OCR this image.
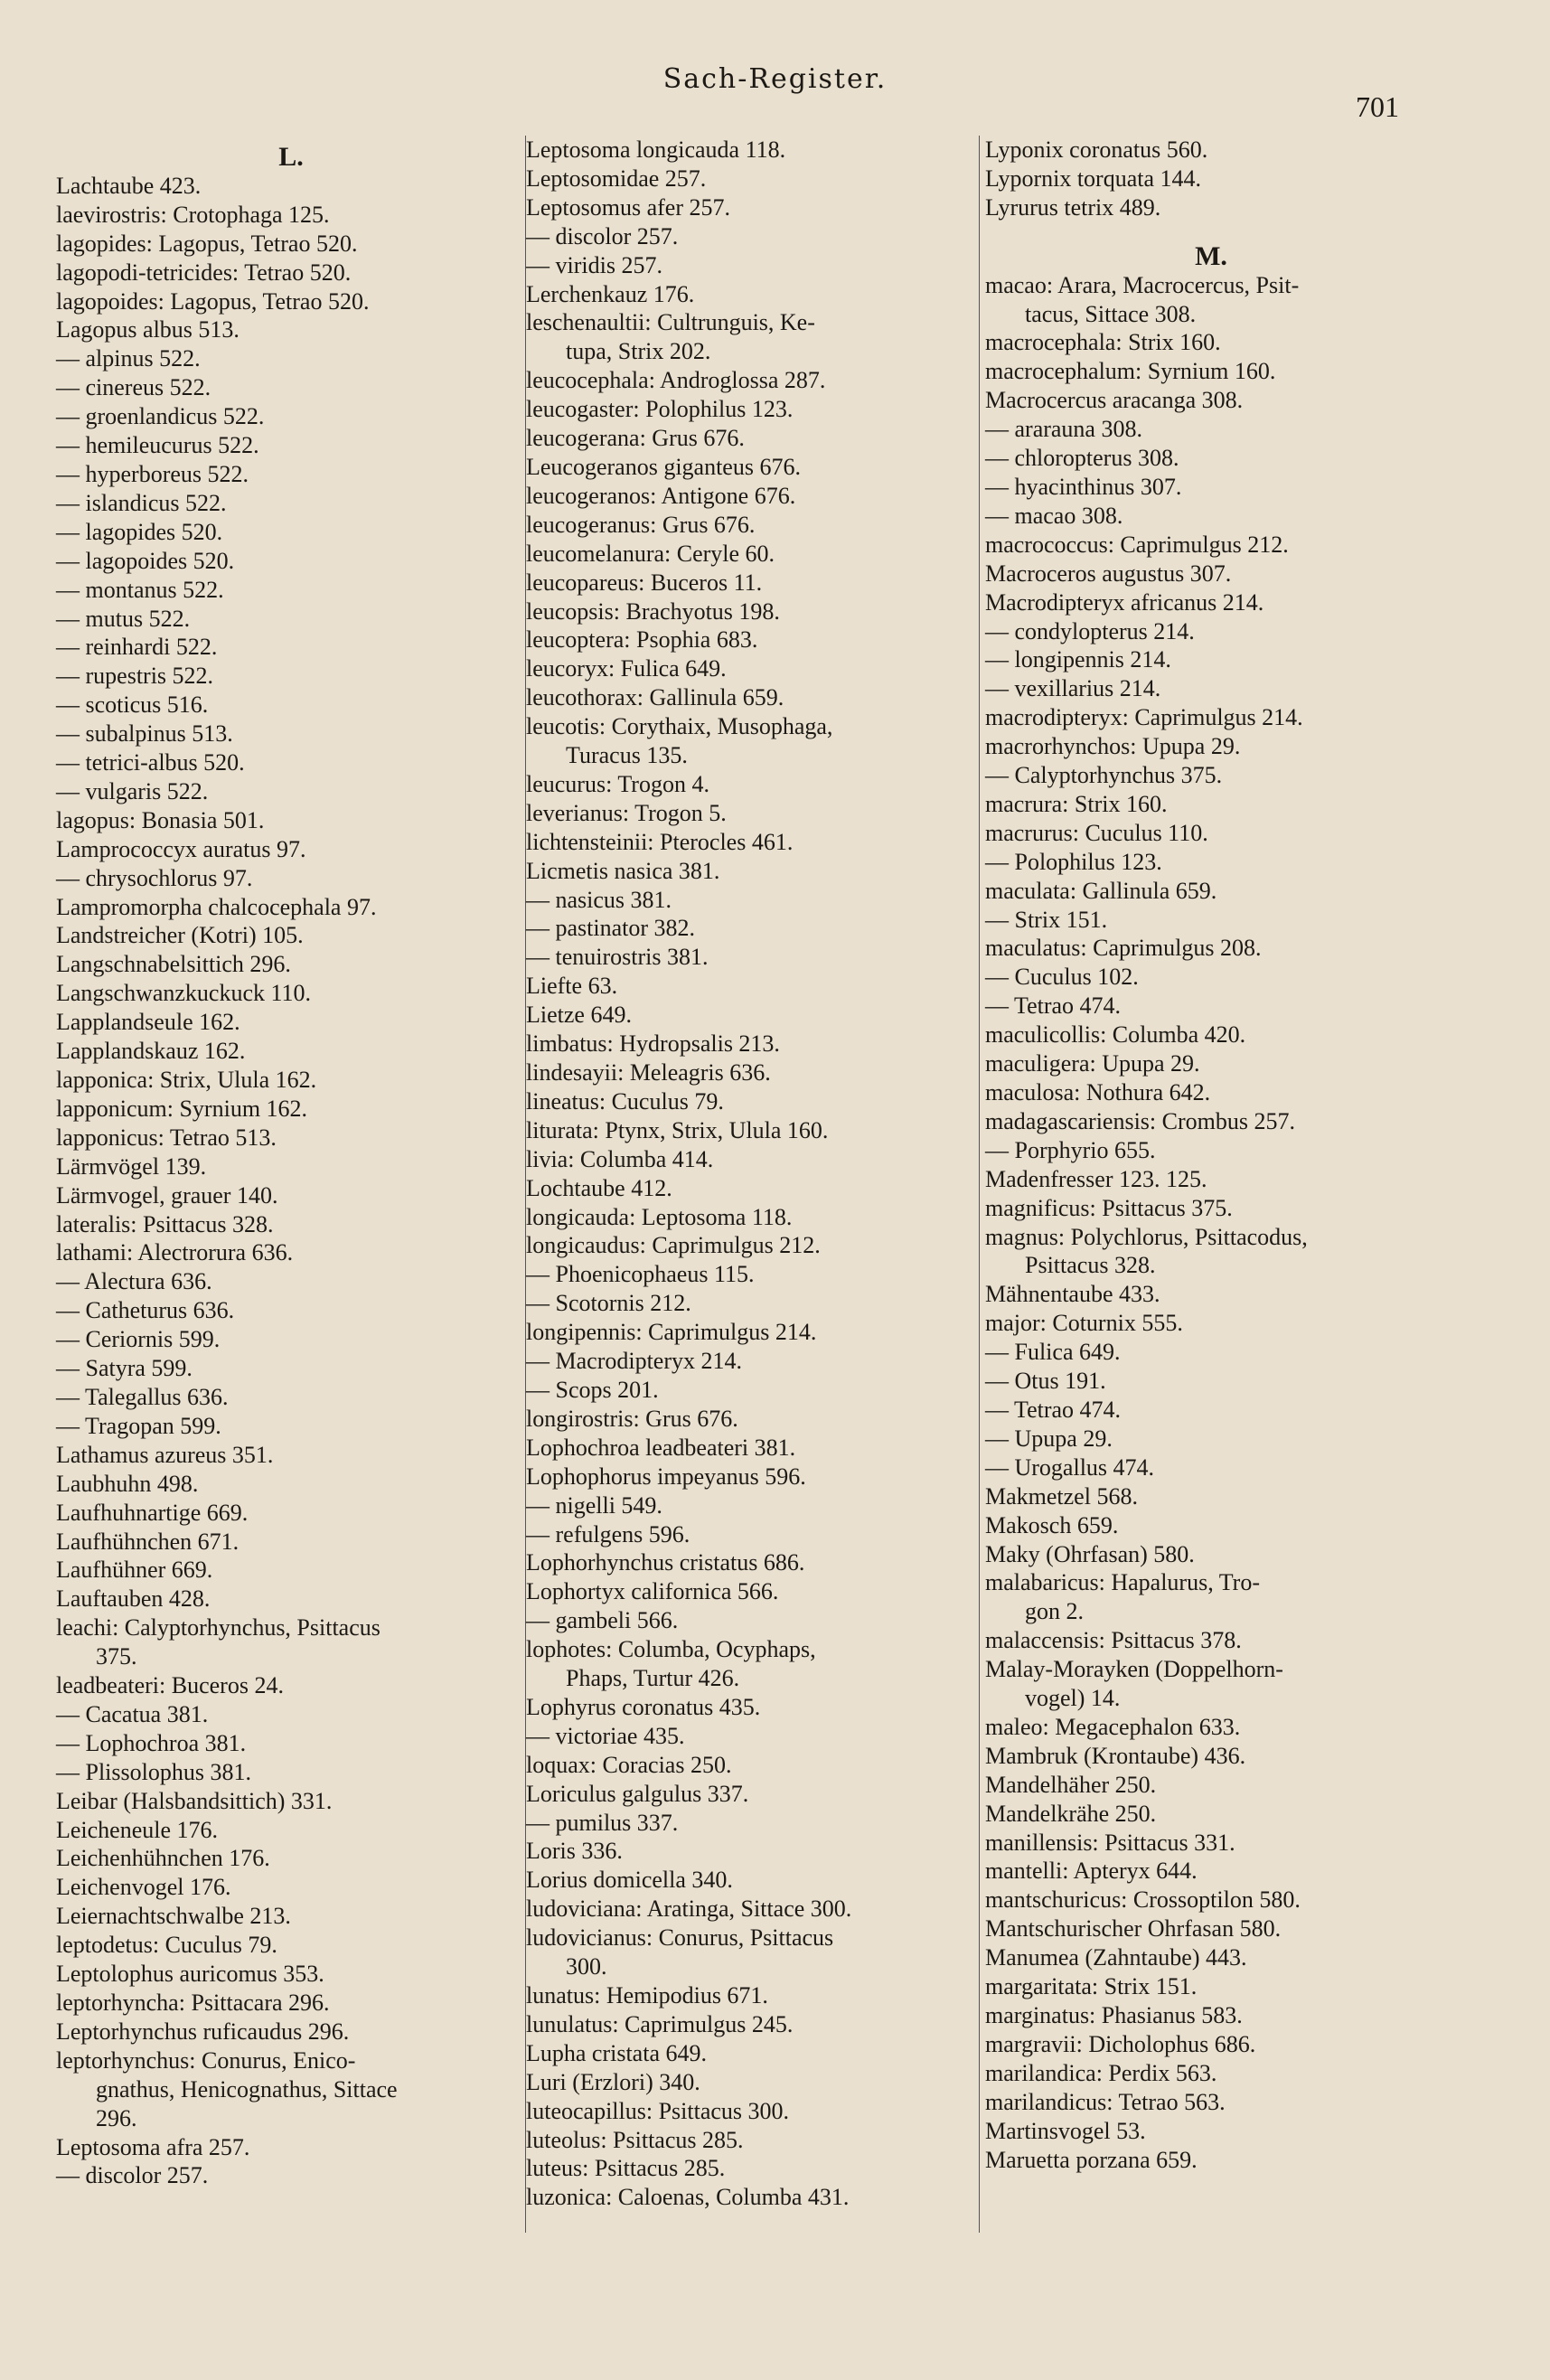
Sach-Register.
701
L.
Lachtaube 423.
laevirostris: Crotophaga 125.
lagopides: Lagopus, Tetrao 520.
lagopodi-tetricides: Tetrao 520.
lagopoides: Lagopus, Tetrao 520.
Lagopus albus 513.
— alpinus 522.
— cinereus 522.
— groenlandicus 522.
— hemileucurus 522.
— hyperboreus 522.
— islandicus 522.
— lagopides 520.
— lagopoides 520.
— montanus 522.
— mutus 522.
— reinhardi 522.
— rupestris 522.
— scoticus 516.
— subalpinus 513.
— tetrici-albus 520.
— vulgaris 522.
lagopus: Bonasia 501.
Lamprococcyx auratus 97.
— chrysochlorus 97.
Lampromorpha chalcocephala 97.
Landstreicher (Kotri) 105.
Langschnabelsittich 296.
Langschwanzkuckuck 110.
Lapplandseule 162.
Lapplandskauz 162.
lapponica: Strix, Ulula 162.
lapponicum: Syrnium 162.
lapponicus: Tetrao 513.
Lärmvögel 139.
Lärmvogel, grauer 140.
lateralis: Psittacus 328.
lathami: Alectrorura 636.
— Alectura 636.
— Catheturus 636.
— Ceriornis 599.
— Satyra 599.
— Talegallus 636.
— Tragopan 599.
Lathamus azureus 351.
Laubhuhn 498.
Laufhuhnartige 669.
Laufhühnchen 671.
Laufhühner 669.
Lauftauben 428.
leachi: Calyptorhynchus, Psittacus
375.
leadbeateri: Buceros 24.
— Cacatua 381.
— Lophochroa 381.
— Plissolophus 381.
Leibar (Halsbandsittich) 331.
Leicheneule 176.
Leichenhühnchen 176.
Leichenvogel 176.
Leiernachtschwalbe 213.
leptodetus: Cuculus 79.
Leptolophus auricomus 353.
leptorhyncha: Psittacara 296.
Leptorhynchus ruficaudus 296.
leptorhynchus: Conurus, Enico-
gnathus, Henicognathus, Sittace
296.
Leptosoma afra 257.
— discolor 257.
Leptosoma longicauda 118.
Leptosomidae 257.
Leptosomus afer 257.
— discolor 257.
— viridis 257.
Lerchenkauz 176.
leschenaultii: Cultrunguis, Ke-
tupa, Strix 202.
leucocephala: Androglossa 287.
leucogaster: Polophilus 123.
leucogerana: Grus 676.
Leucogeranos giganteus 676.
leucogeranos: Antigone 676.
leucogeranus: Grus 676.
leucomelanura: Ceryle 60.
leucopareus: Buceros 11.
leucopsis: Brachyotus 198.
leucoptera: Psophia 683.
leucoryx: Fulica 649.
leucothorax: Gallinula 659.
leucotis: Corythaix, Musophaga,
Turacus 135.
leucurus: Trogon 4.
leverianus: Trogon 5.
lichtensteinii: Pterocles 461.
Licmetis nasica 381.
— nasicus 381.
— pastinator 382.
— tenuirostris 381.
Liefte 63.
Lietze 649.
limbatus: Hydropsalis 213.
lindesayii: Meleagris 636.
lineatus: Cuculus 79.
liturata: Ptynx, Strix, Ulula 160.
livia: Columba 414.
Lochtaube 412.
longicauda: Leptosoma 118.
longicaudus: Caprimulgus 212.
— Phoenicophaeus 115.
— Scotornis 212.
longipennis: Caprimulgus 214.
— Macrodipteryx 214.
— Scops 201.
longirostris: Grus 676.
Lophochroa leadbeateri 381.
Lophophorus impeyanus 596.
— nigelli 549.
— refulgens 596.
Lophorhynchus cristatus 686.
Lophortyx californica 566.
— gambeli 566.
lophotes: Columba, Ocyphaps,
Phaps, Turtur 426.
Lophyrus coronatus 435.
— victoriae 435.
loquax: Coracias 250.
Loriculus galgulus 337.
— pumilus 337.
Loris 336.
Lorius domicella 340.
ludoviciana: Aratinga, Sittace 300.
ludovicianus: Conurus, Psittacus
300.
lunatus: Hemipodius 671.
lunulatus: Caprimulgus 245.
Lupha cristata 649.
Luri (Erzlori) 340.
luteocapillus: Psittacus 300.
luteolus: Psittacus 285.
luteus: Psittacus 285.
luzonica: Caloenas, Columba 431.
Lyponix coronatus 560.
Lypornix torquata 144.
Lyrurus tetrix 489.
M.
macao: Arara, Macrocercus, Psit-
tacus, Sittace 308.
macrocephala: Strix 160.
macrocephalum: Syrnium 160.
Macrocercus aracanga 308.
— ararauna 308.
— chloropterus 308.
— hyacinthinus 307.
— macao 308.
macrococcus: Caprimulgus 212.
Macroceros augustus 307.
Macrodipteryx africanus 214.
— condylopterus 214.
— longipennis 214.
— vexillarius 214.
macrodipteryx: Caprimulgus 214.
macrorhynchos: Upupa 29.
— Calyptorhynchus 375.
macrura: Strix 160.
macrurus: Cuculus 110.
— Polophilus 123.
maculata: Gallinula 659.
— Strix 151.
maculatus: Caprimulgus 208.
— Cuculus 102.
— Tetrao 474.
maculicollis: Columba 420.
maculigera: Upupa 29.
maculosa: Nothura 642.
madagascariensis: Crombus 257.
— Porphyrio 655.
Madenfresser 123. 125.
magnificus: Psittacus 375.
magnus: Polychlorus, Psittacodus,
Psittacus 328.
Mähnentaube 433.
major: Coturnix 555.
— Fulica 649.
— Otus 191.
— Tetrao 474.
— Upupa 29.
— Urogallus 474.
Makmetzel 568.
Makosch 659.
Maky (Ohrfasan) 580.
malabaricus: Hapalurus, Tro-
gon 2.
malaccensis: Psittacus 378.
Malay-Morayken (Doppelhorn-
vogel) 14.
maleo: Megacephalon 633.
Mambruk (Krontaube) 436.
Mandelhäher 250.
Mandelkrähe 250.
manillensis: Psittacus 331.
mantelli: Apteryx 644.
mantschuricus: Crossoptilon 580.
Mantschurischer Ohrfasan 580.
Manumea (Zahntaube) 443.
margaritata: Strix 151.
marginatus: Phasianus 583.
margravii: Dicholophus 686.
marilandica: Perdix 563.
marilandicus: Tetrao 563.
Martinsvogel 53.
Maruetta porzana 659.
